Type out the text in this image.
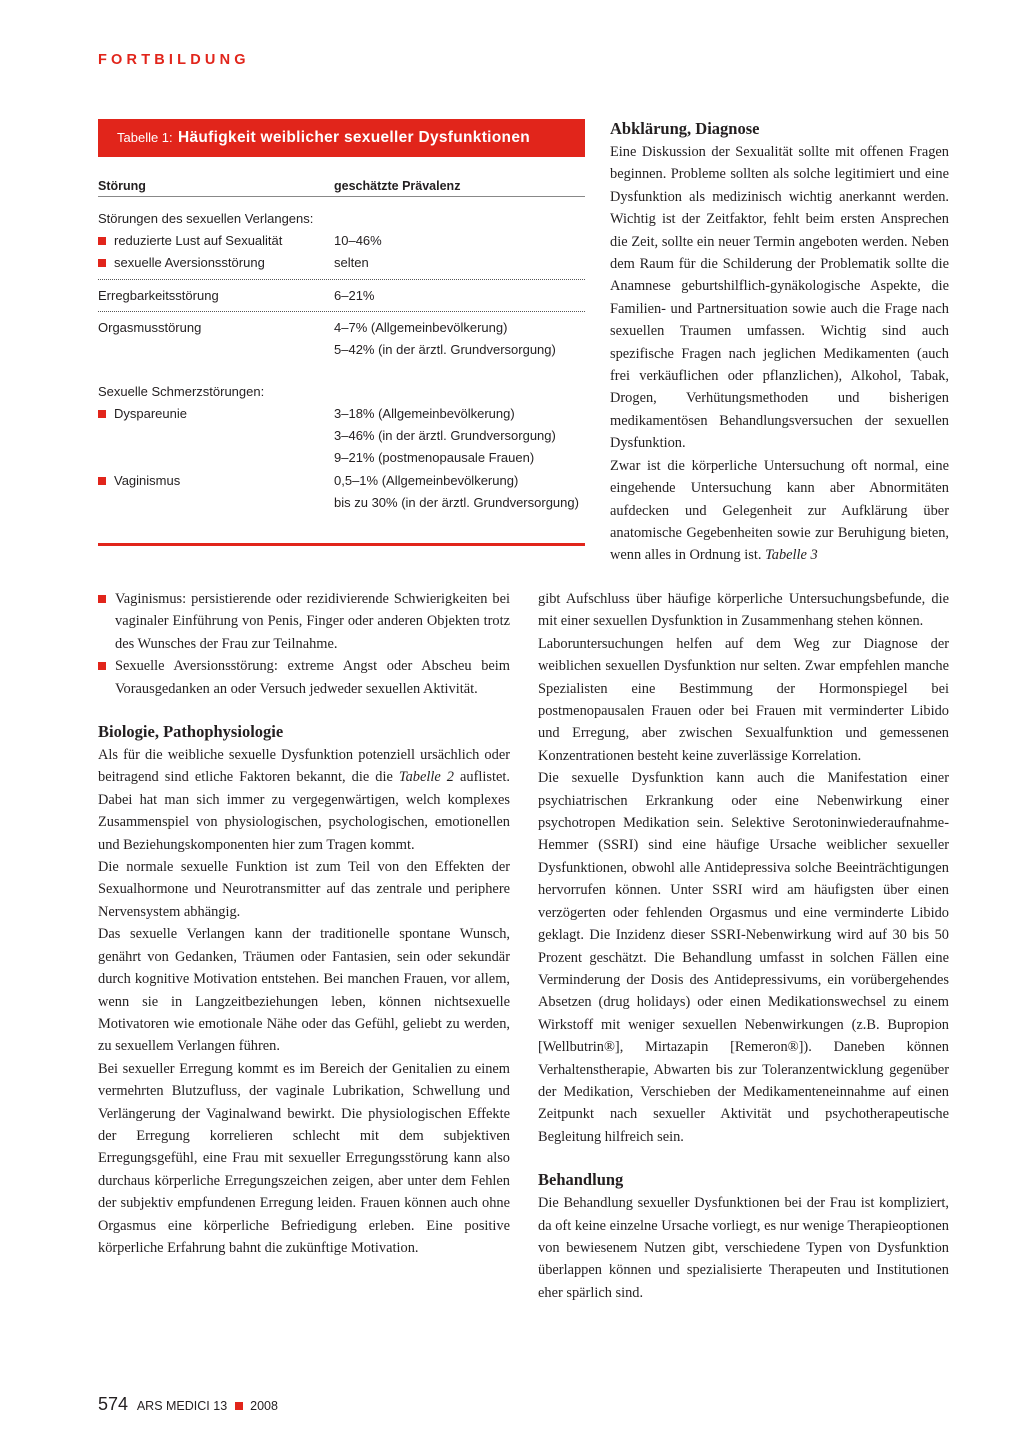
FORTBILDUNG
Tabelle 1: Häufigkeit weiblicher sexueller Dysfunktionen
Störung	geschätzte Prävalenz
Störungen des sexuellen Verlangens:
reduzierte Lust auf Sexualität	10–46%
sexuelle Aversionsstörung	selten
Erregbarkeitsstörung	6–21%
Orgasmusstörung	4–7% (Allgemeinbevölkerung)
5–42% (in der ärztl. Grundversorgung)
Sexuelle Schmerzstörungen:
Dyspareunie	3–18% (Allgemeinbevölkerung)
3–46% (in der ärztl. Grundversorgung)
9–21% (postmenopausale Frauen)
Vaginismus	0,5–1% (Allgemeinbevölkerung)
bis zu 30% (in der ärztl. Grundversorgung)

Vaginismus: persistierende oder rezidivierende Schwierigkeiten bei vaginaler Einführung von Penis, Finger oder anderen Objekten trotz des Wunsches der Frau zur Teilnahme.

Sexuelle Aversionsstörung: extreme Angst oder Abscheu beim Vorausgedanken an oder Versuch jedweder sexuellen Aktivität.

Biologie, Pathophysiologie

Als für die weibliche sexuelle Dysfunktion potenziell ursächlich oder beitragend sind etliche Faktoren bekannt, die die Tabelle 2 auflistet. Dabei hat man sich immer zu vergegenwärtigen, welch komplexes Zusammenspiel von physiologischen, psychologischen, emotionellen und Beziehungskomponenten hier zum Tragen kommt.

Die normale sexuelle Funktion ist zum Teil von den Effekten der Sexualhormone und Neurotransmitter auf das zentrale und periphere Nervensystem abhängig.

Das sexuelle Verlangen kann der traditionelle spontane Wunsch, genährt von Gedanken, Träumen oder Fantasien, sein oder sekundär durch kognitive Motivation entstehen. Bei manchen Frauen, vor allem, wenn sie in Langzeitbeziehungen leben, können nichtsexuelle Motivatoren wie emotionale Nähe oder das Gefühl, geliebt zu werden, zu sexuellem Verlangen führen.

Bei sexueller Erregung kommt es im Bereich der Genitalien zu einem vermehrten Blutzufluss, der vaginale Lubrikation, Schwellung und Verlängerung der Vaginalwand bewirkt. Die physiologischen Effekte der Erregung korrelieren schlecht mit dem subjektiven Erregungsgefühl, eine Frau mit sexueller Erregungsstörung kann also durchaus körperliche Erregungszeichen zeigen, aber unter dem Fehlen der subjektiv empfundenen Erregung leiden. Frauen können auch ohne Orgasmus eine körperliche Befriedigung erleben. Eine positive körperliche Erfahrung bahnt die zukünftige Motivation.

Abklärung, Diagnose

Eine Diskussion der Sexualität sollte mit offenen Fragen beginnen. Probleme sollten als solche legitimiert und eine Dysfunktion als medizinisch wichtig anerkannt werden. Wichtig ist der Zeitfaktor, fehlt beim ersten Ansprechen die Zeit, sollte ein neuer Termin angeboten werden. Neben dem Raum für die Schilderung der Problematik sollte die Anamnese geburtshilflich-gynäkologische Aspekte, die Familien- und Partnersituation sowie auch die Frage nach sexuellen Traumen umfassen. Wichtig sind auch spezifische Fragen nach jeglichen Medikamenten (auch frei verkäuflichen oder pflanzlichen), Alkohol, Tabak, Drogen, Verhütungsmethoden und bisherigen medikamentösen Behandlungsversuchen der sexuellen Dysfunktion.

Zwar ist die körperliche Untersuchung oft normal, eine eingehende Untersuchung kann aber Abnormitäten aufdecken und Gelegenheit zur Aufklärung über anatomische Gegebenheiten sowie zur Beruhigung bieten, wenn alles in Ordnung ist. Tabelle 3

gibt Aufschluss über häufige körperliche Untersuchungsbefunde, die mit einer sexuellen Dysfunktion in Zusammenhang stehen können.

Laboruntersuchungen helfen auf dem Weg zur Diagnose der weiblichen sexuellen Dysfunktion nur selten. Zwar empfehlen manche Spezialisten eine Bestimmung der Hormonspiegel bei postmenopausalen Frauen oder bei Frauen mit verminderter Libido und Erregung, aber zwischen Sexualfunktion und gemessenen Konzentrationen besteht keine zuverlässige Korrelation.

Die sexuelle Dysfunktion kann auch die Manifestation einer psychiatrischen Erkrankung oder eine Nebenwirkung einer psychotropen Medikation sein. Selektive Serotoninwiederaufnahme-Hemmer (SSRI) sind eine häufige Ursache weiblicher sexueller Dysfunktionen, obwohl alle Antidepressiva solche Beeinträchtigungen hervorrufen können. Unter SSRI wird am häufigsten über einen verzögerten oder fehlenden Orgasmus und eine verminderte Libido geklagt. Die Inzidenz dieser SSRI-Nebenwirkung wird auf 30 bis 50 Prozent geschätzt. Die Behandlung umfasst in solchen Fällen eine Verminderung der Dosis des Antidepressivums, ein vorübergehendes Absetzen (drug holidays) oder einen Medikationswechsel zu einem Wirkstoff mit weniger sexuellen Nebenwirkungen (z.B. Bupropion [Wellbutrin®], Mirtazapin [Remeron®]). Daneben können Verhaltenstherapie, Abwarten bis zur Toleranzentwicklung gegenüber der Medikation, Verschieben der Medikamenteneinnahme auf einen Zeitpunkt nach sexueller Aktivität und psychotherapeutische Begleitung hilfreich sein.

Behandlung

Die Behandlung sexueller Dysfunktionen bei der Frau ist kompliziert, da oft keine einzelne Ursache vorliegt, es nur wenige Therapieoptionen von bewiesenem Nutzen gibt, verschiedene Typen von Dysfunktion überlappen können und spezialisierte Therapeuten und Institutionen eher spärlich sind.

574 ARS MEDICI 13 2008
